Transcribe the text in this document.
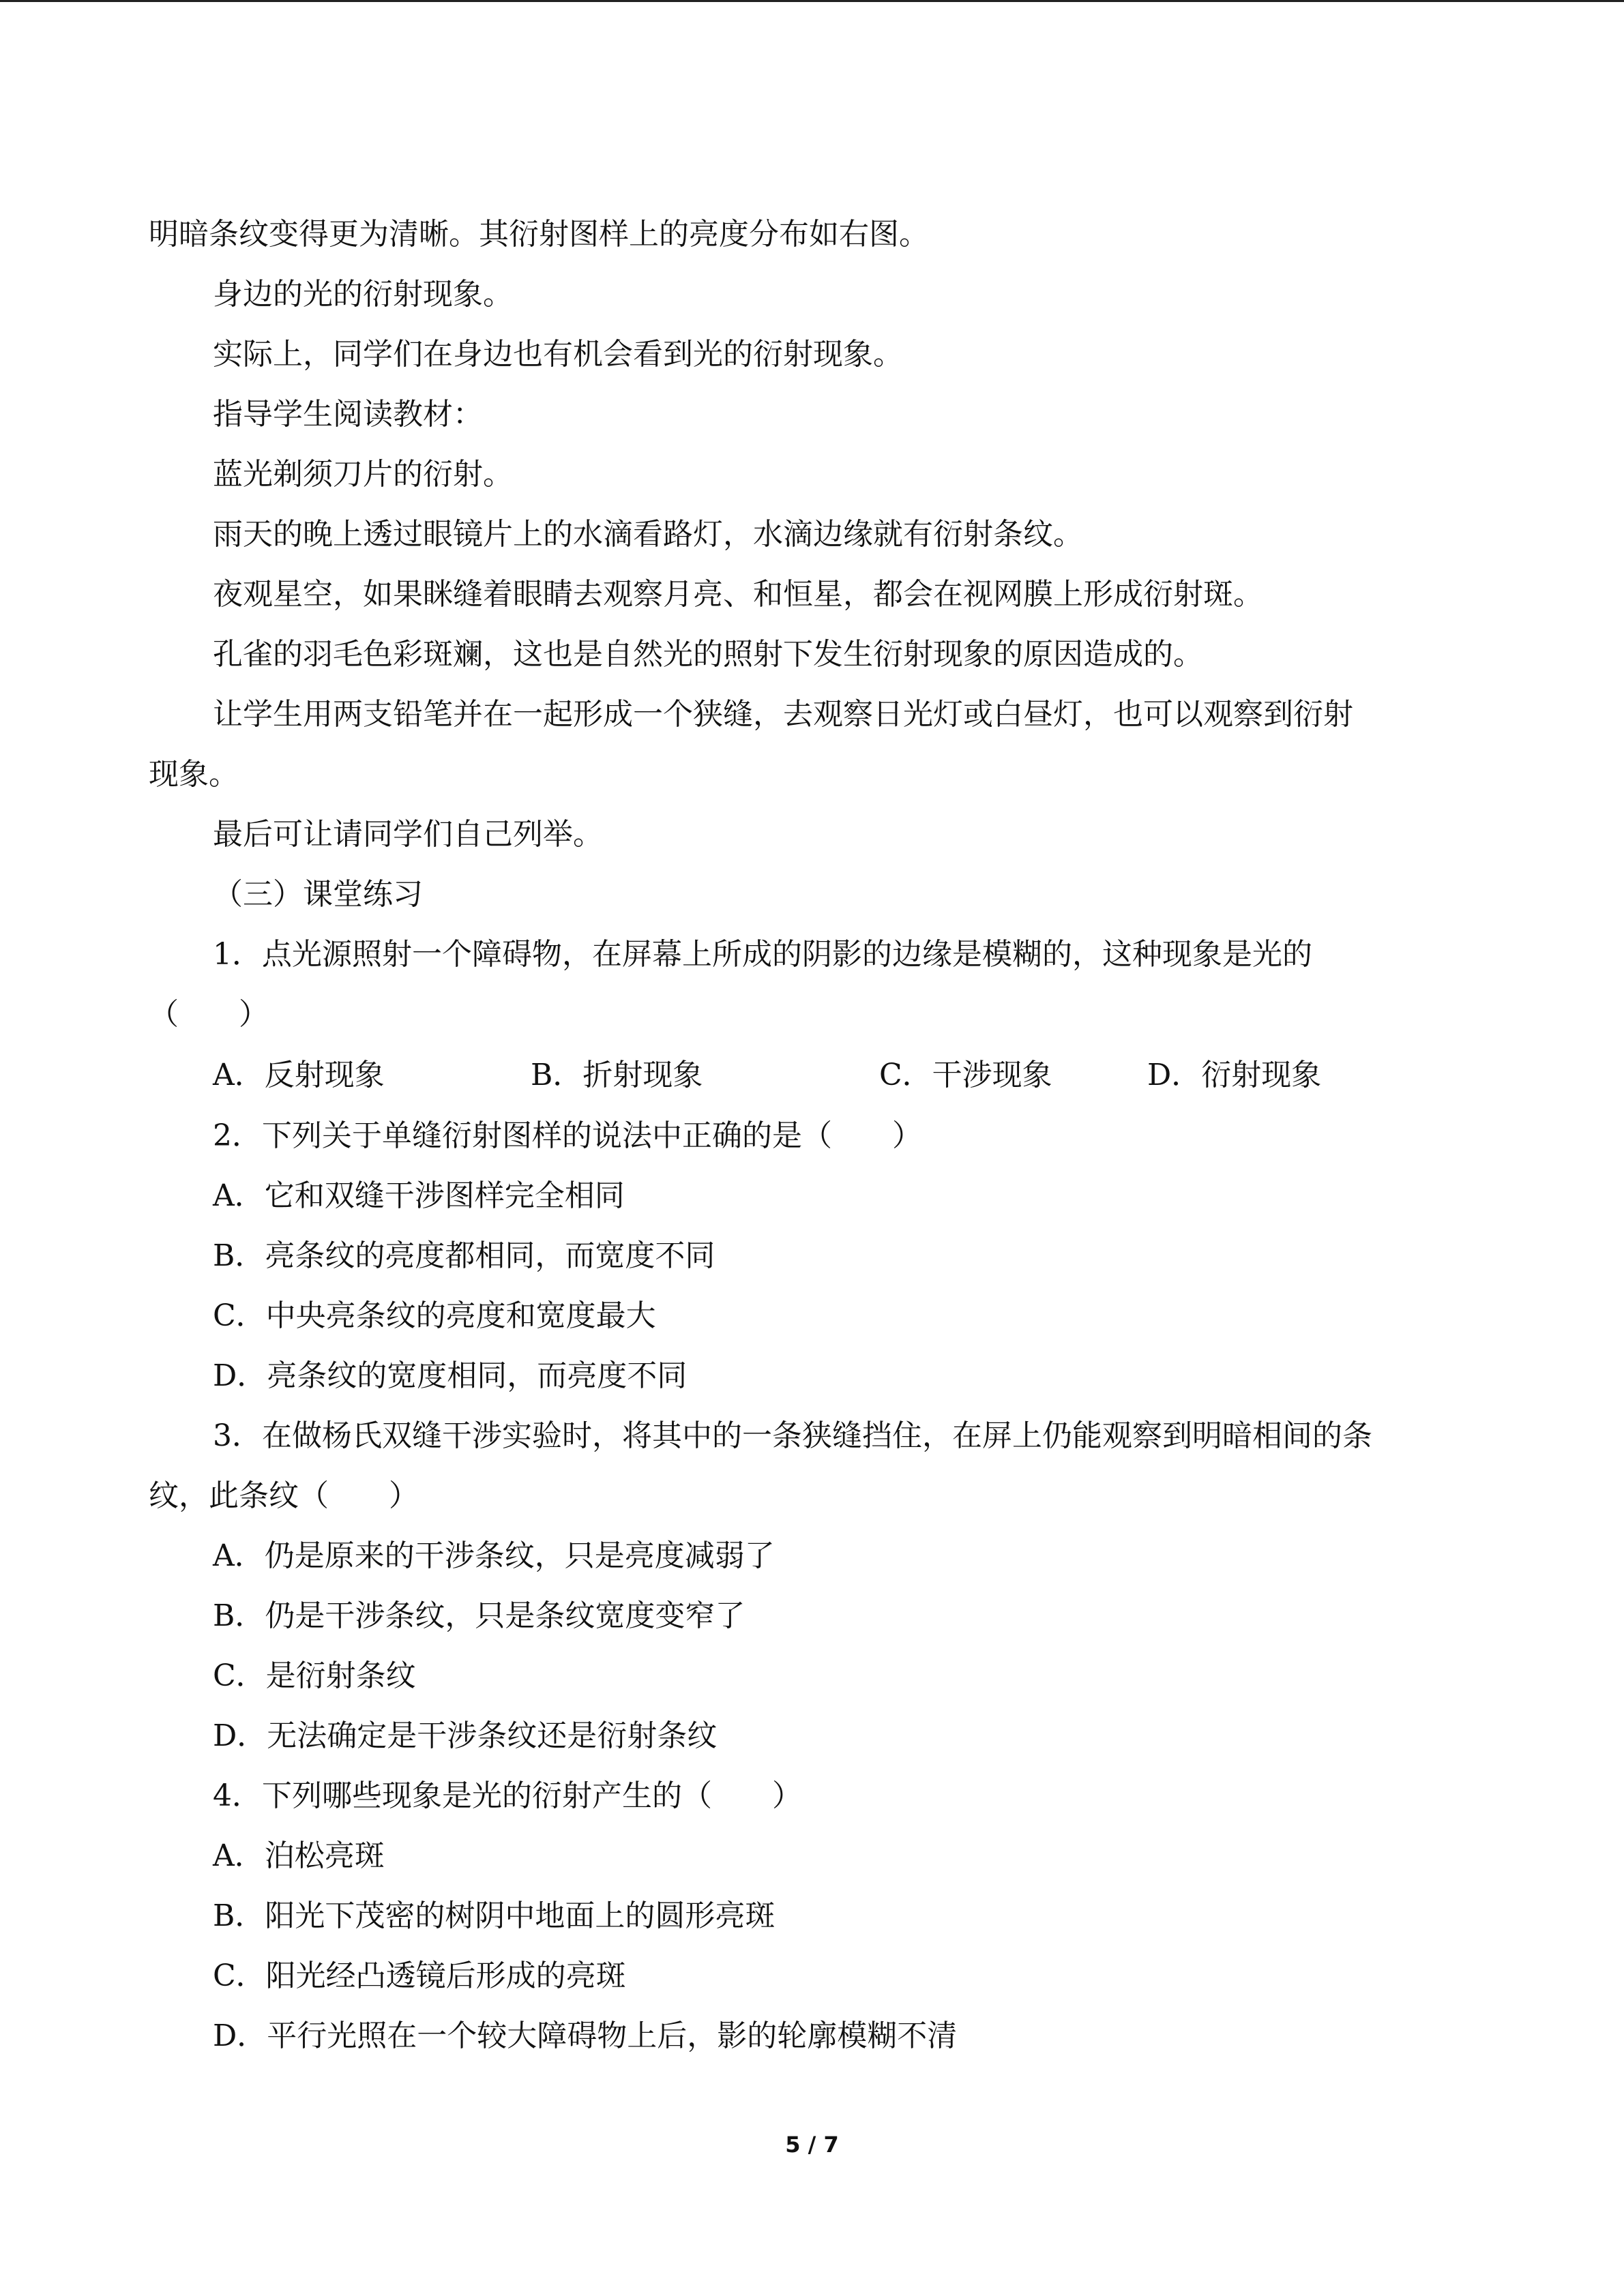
明暗条纹变得更为清晰。其衍射图样上的亮度分布如右图。
身边的光的衍射现象。
实际上，同学们在身边也有机会看到光的衍射现象。
指导学生阅读教材：
蓝光剃须刀片的衍射。
雨天的晚上透过眼镜片上的水滴看路灯，水滴边缘就有衍射条纹。
夜观星空，如果眯缝着眼睛去观察月亮、和恒星，都会在视网膜上形成衍射斑。
孔雀的羽毛色彩斑斓，这也是自然光的照射下发生衍射现象的原因造成的。
让学生用两支铅笔并在一起形成一个狭缝，去观察日光灯或白昼灯，也可以观察到衍射
现象。
最后可让请同学们自己列举。
（三）课堂练习
1．点光源照射一个障碍物，在屏幕上所成的阴影的边缘是模糊的，这种现象是光的
（　　）
A．反射现象	B．折射现象	C．干涉现象	D．衍射现象
2．下列关于单缝衍射图样的说法中正确的是（　　）
A．它和双缝干涉图样完全相同
B．亮条纹的亮度都相同，而宽度不同
C．中央亮条纹的亮度和宽度最大
D．亮条纹的宽度相同，而亮度不同
3．在做杨氏双缝干涉实验时，将其中的一条狭缝挡住，在屏上仍能观察到明暗相间的条
纹，此条纹（　　）
A．仍是原来的干涉条纹，只是亮度减弱了
B．仍是干涉条纹，只是条纹宽度变窄了
C．是衍射条纹
D．无法确定是干涉条纹还是衍射条纹
4．下列哪些现象是光的衍射产生的（　　）
A．泊松亮斑
B．阳光下茂密的树阴中地面上的圆形亮斑
C．阳光经凸透镜后形成的亮斑
D．平行光照在一个较大障碍物上后，影的轮廓模糊不清
5 / 7
